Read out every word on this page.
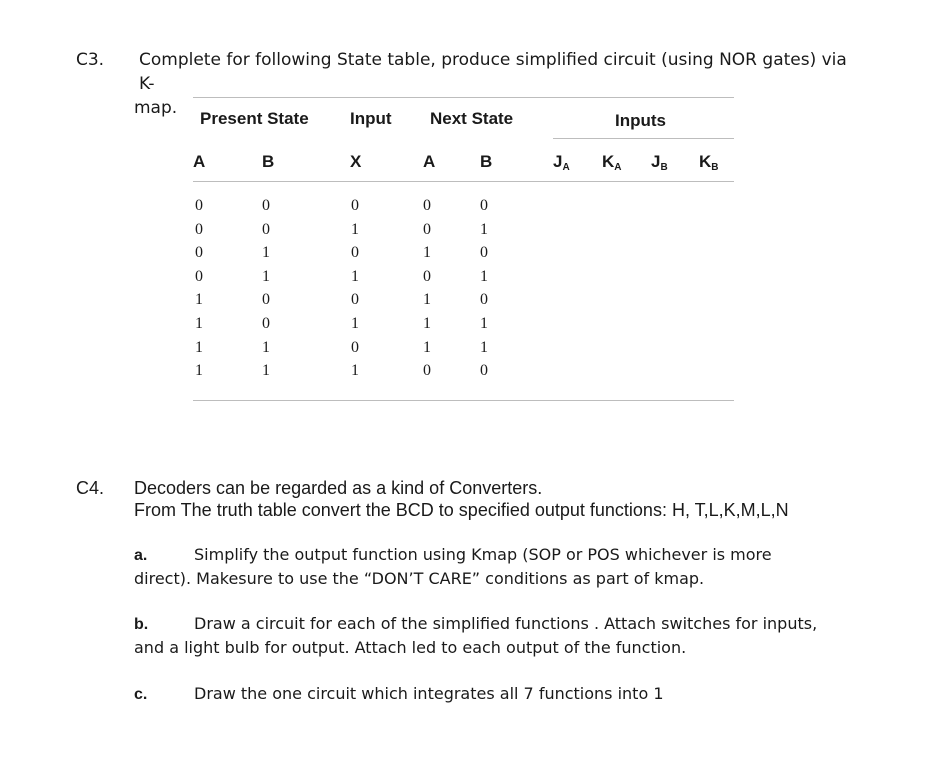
C3. Complete for following State table, produce simplified circuit (using NOR gates) via K-
map.
Present State Input Next State	Inputs
A	B	X	A	B	$J_A$ $K_A$ $J_B$ $K_B$
0	0	0	0	0
0	0	1	0	1
0	1	0	1	0
0	1	1	0	1
1	0	0	1	0
1	0	1	1	1
1	1	0	1	1
1	1	1	0	0
C4. Decoders can be regarded as a kind of Converters.
From The truth table convert the BCD to specified output functions: H, T,L,K,M,L,N
a.	Simplify the output function using Kmap (SOP or POS whichever is more
direct). Makesure to use the “DON’T CARE” conditions as part of kmap.
b.	Draw a circuit for each of the simplified functions . Attach switches for inputs,
and a light bulb for output. Attach led to each output of the function.
c.	Draw the one circuit which integrates all 7 functions into 1
